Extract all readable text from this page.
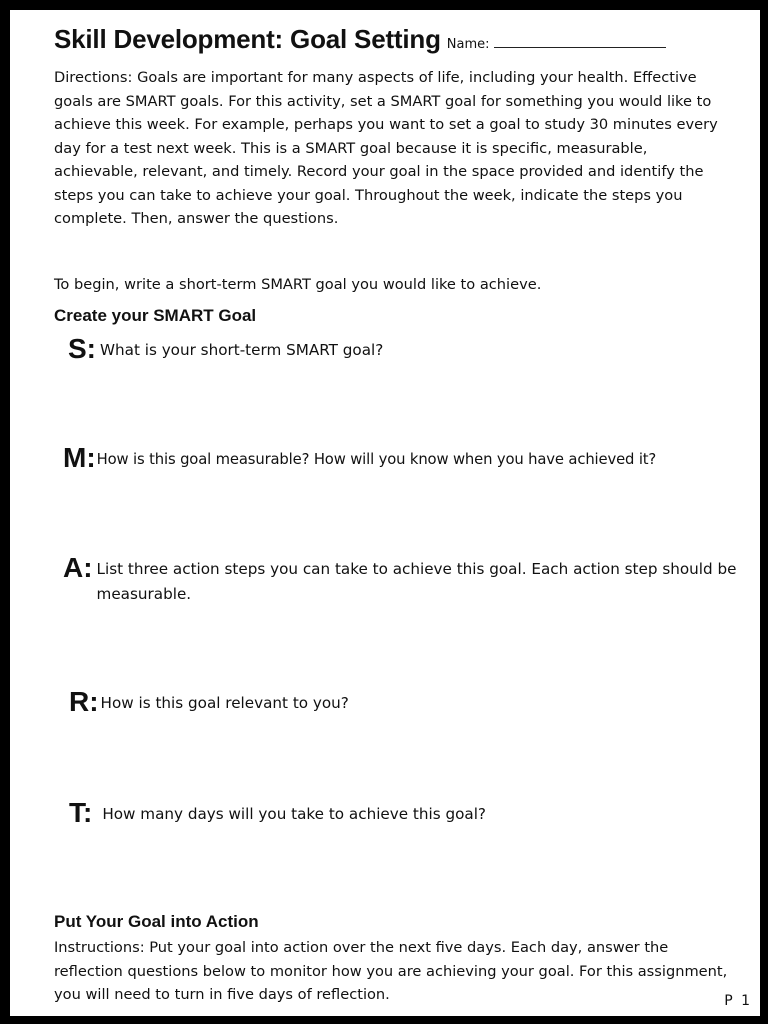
Skill Development: Goal Setting Name:

Directions: Goals are important for many aspects of life, including your health. Effective goals are SMART goals. For this activity, set a SMART goal for something you would like to achieve this week. For example, perhaps you want to set a goal to study 30 minutes every day for a test next week. This is a SMART goal because it is specific, measurable, achievable, relevant, and timely. Record your goal in the space provided and identify the steps you can take to achieve your goal. Throughout the week, indicate the steps you complete. Then, answer the questions.

To begin, write a short-term SMART goal you would like to achieve.

Create your SMART Goal
S: What is your short-term SMART goal?
M: How is this goal measurable? How will you know when you have achieved it?
A: List three action steps you can take to achieve this goal. Each action step should be measurable.
R: How is this goal relevant to you?
T: How many days will you take to achieve this goal?
Put Your Goal into Action

Instructions: Put your goal into action over the next five days. Each day, answer the reflection questions below to monitor how you are achieving your goal. For this assignment, you will need to turn in five days of reflection.	P 1
